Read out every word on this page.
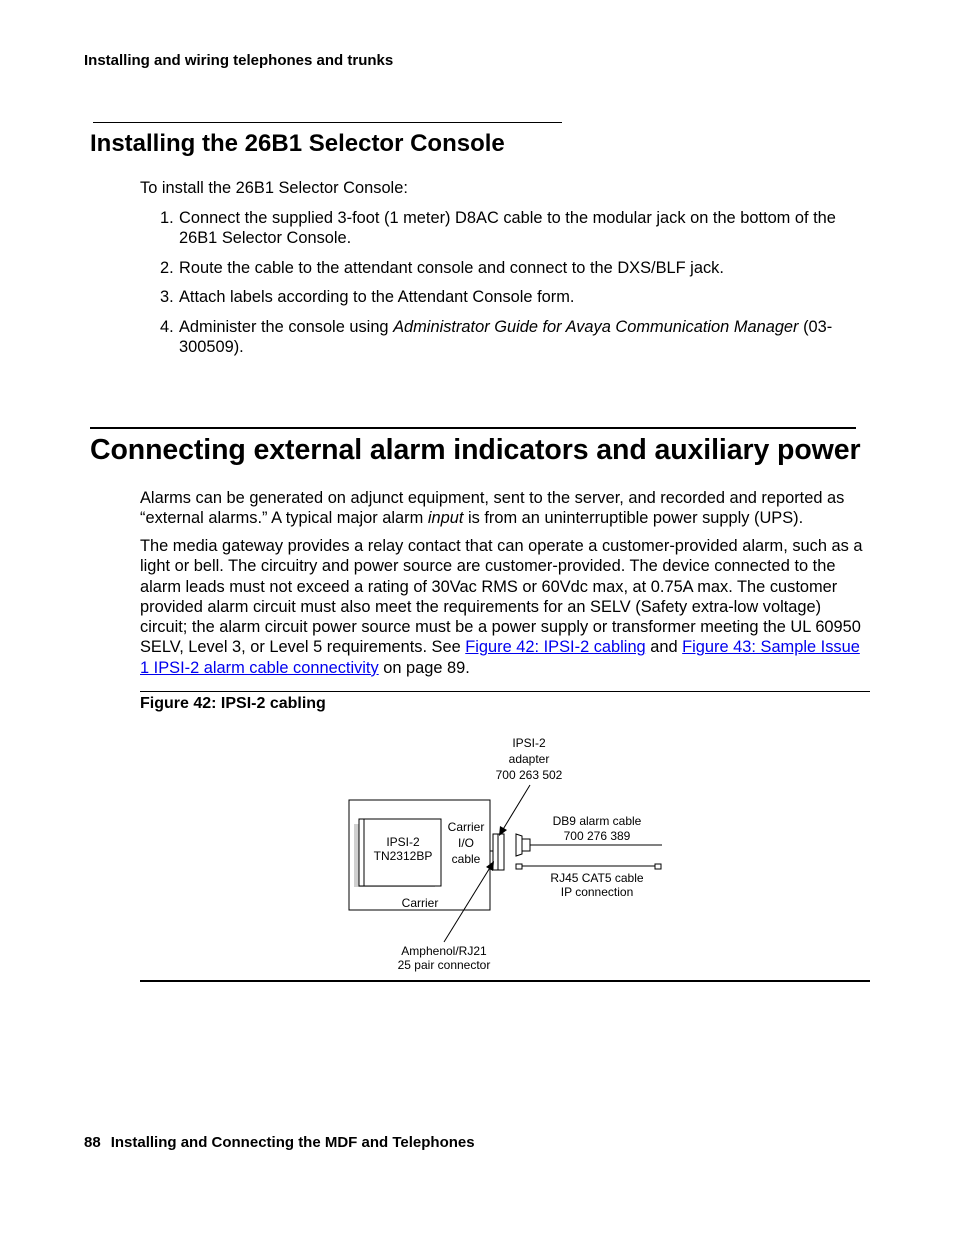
Installing and wiring telephones and trunks
Installing the 26B1 Selector Console
To install the 26B1 Selector Console:
1. Connect the supplied 3-foot (1 meter) D8AC cable to the modular jack on the bottom of the 26B1 Selector Console.
2. Route the cable to the attendant console and connect to the DXS/BLF jack.
3. Attach labels according to the Attendant Console form.
4. Administer the console using Administrator Guide for Avaya Communication Manager (03-300509).
Connecting external alarm indicators and auxiliary power
Alarms can be generated on adjunct equipment, sent to the server, and recorded and reported as “external alarms.” A typical major alarm input is from an uninterruptible power supply (UPS).
The media gateway provides a relay contact that can operate a customer-provided alarm, such as a light or bell. The circuitry and power source are customer-provided. The device connected to the alarm leads must not exceed a rating of 30Vac RMS or 60Vdc max, at 0.75A max. The customer provided alarm circuit must also meet the requirements for an SELV (Safety extra-low voltage) circuit; the alarm circuit power source must be a power supply or transformer meeting the UL 60950 SELV, Level 3, or Level 5 requirements. See Figure 42: IPSI-2 cabling and Figure 43: Sample Issue 1 IPSI-2 alarm cable connectivity on page 89.
Figure 42: IPSI-2 cabling
IPSI-2
adapter
700 263 502
IPSI-2
TN2312BP
Carrier
I/O
cable
Carrier
DB9 alarm cable
700 276 389
RJ45 CAT5 cable
IP connection
Amphenol/RJ21
25 pair connector
88 Installing and Connecting the MDF and Telephones
